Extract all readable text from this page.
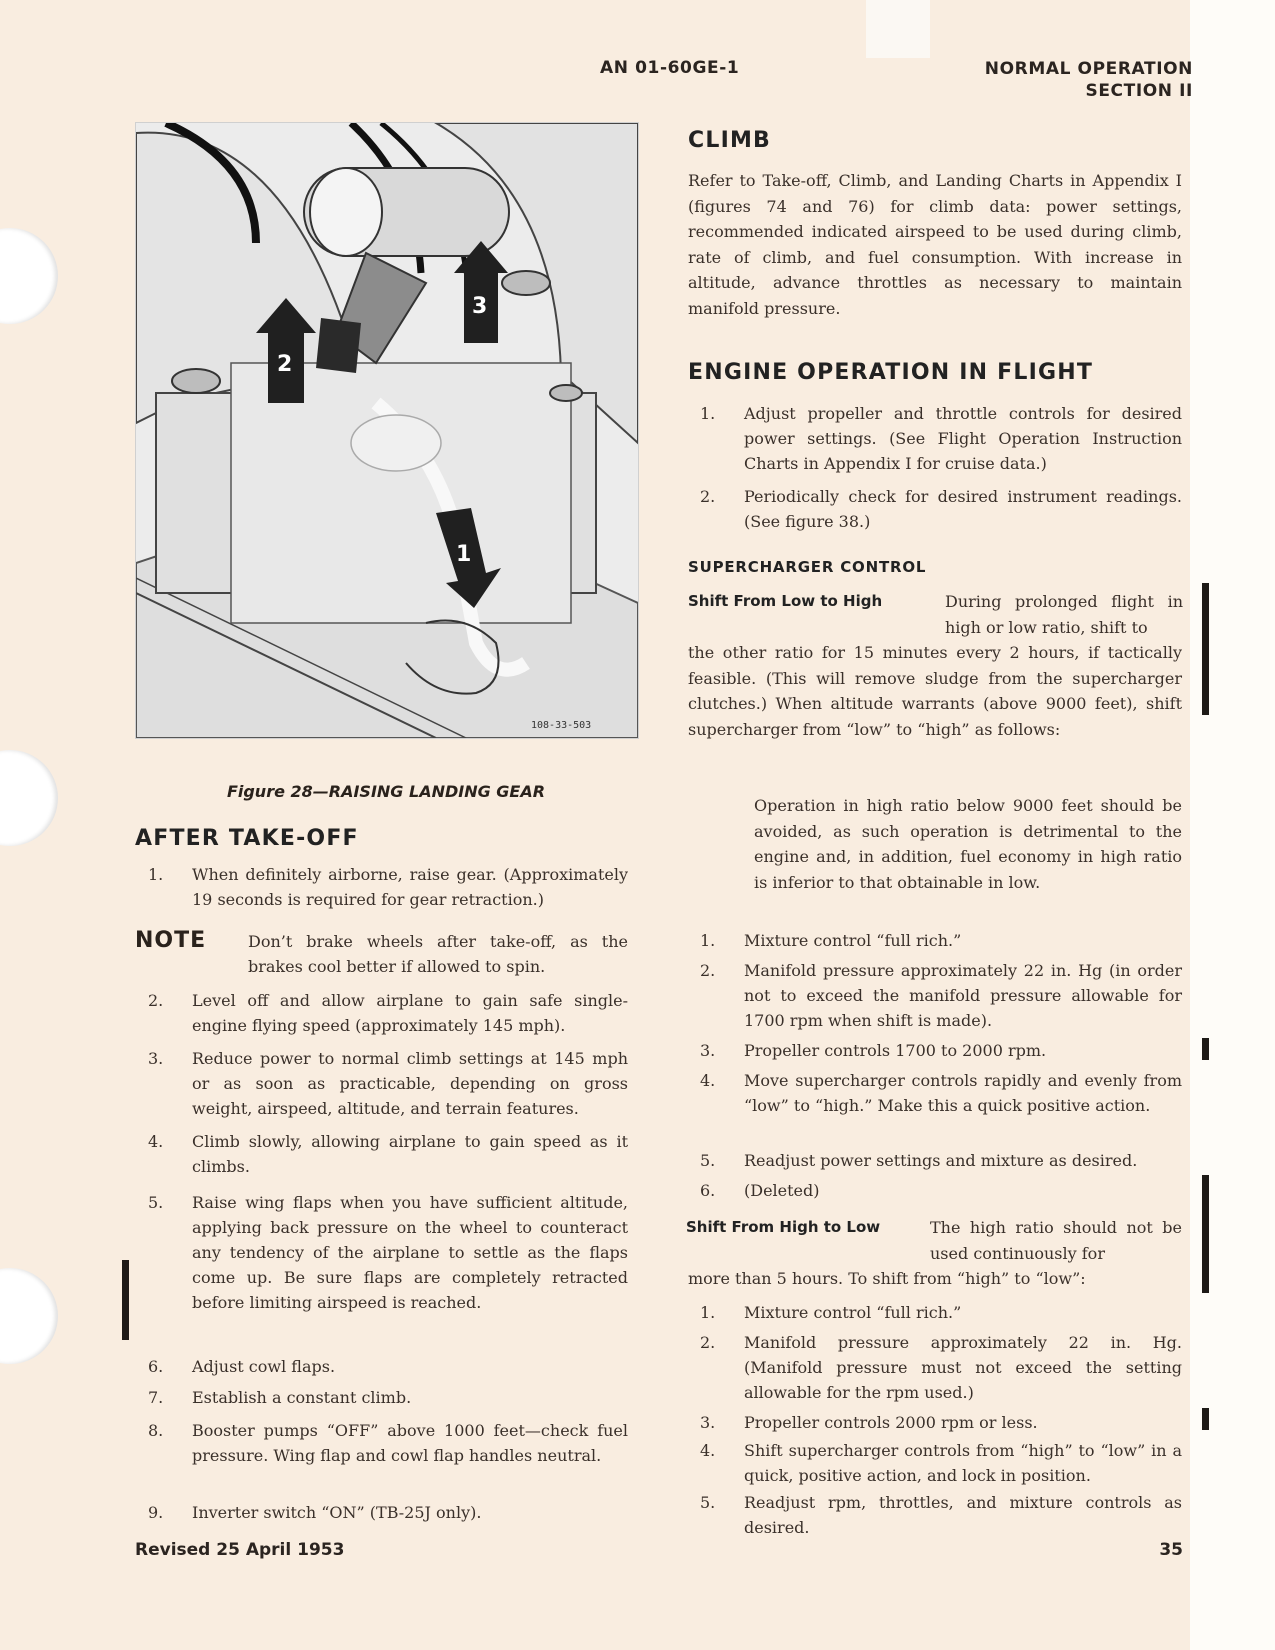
AN 01-60GE-1	NORMAL OPERATION
SECTION II
2
3
1
108-33-503
Figure 28—RAISING LANDING GEAR
AFTER TAKE-OFF
1. When definitely airborne, raise gear. (Approximately 19 seconds is required for gear retraction.)
NOTE	Don’t brake wheels after take-off, as the brakes cool better if allowed to spin.
2. Level off and allow airplane to gain safe single-engine flying speed (approximately 145 mph).
3. Reduce power to normal climb settings at 145 mph or as soon as practicable, depending on gross weight, airspeed, altitude, and terrain features.
4. Climb slowly, allowing airplane to gain speed as it climbs.
5. Raise wing flaps when you have sufficient altitude, applying back pressure on the wheel to counteract any tendency of the airplane to settle as the flaps come up. Be sure flaps are completely retracted before limiting airspeed is reached.
6. Adjust cowl flaps.
7. Establish a constant climb.
8. Booster pumps “OFF” above 1000 feet—check fuel pressure. Wing flap and cowl flap handles neutral.
9. Inverter switch “ON” (TB-25J only).
CLIMB
Refer to Take-off, Climb, and Landing Charts in Appendix I (figures 74 and 76) for climb data: power settings, recommended indicated airspeed to be used during climb, rate of climb, and fuel consumption. With increase in altitude, advance throttles as necessary to maintain manifold pressure.
ENGINE OPERATION IN FLIGHT
1. Adjust propeller and throttle controls for desired power settings. (See Flight Operation Instruction Charts in Appendix I for cruise data.)
2. Periodically check for desired instrument readings. (See figure 38.)
SUPERCHARGER CONTROL
Shift From Low to High	During prolonged flight in high or low ratio, shift to
the other ratio for 15 minutes every 2 hours, if tactically feasible. (This will remove sludge from the supercharger clutches.) When altitude warrants (above 9000 feet), shift supercharger from “low” to “high” as follows:
Operation in high ratio below 9000 feet should be avoided, as such operation is detrimental to the engine and, in addition, fuel economy in high ratio is inferior to that obtainable in low.
1. Mixture control “full rich.”
2. Manifold pressure approximately 22 in. Hg (in order not to exceed the manifold pressure allowable for 1700 rpm when shift is made).
3. Propeller controls 1700 to 2000 rpm.
4. Move supercharger controls rapidly and evenly from “low” to “high.” Make this a quick positive action.
5. Readjust power settings and mixture as desired.
6. (Deleted)
Shift From High to Low	The high ratio should not be used continuously for
more than 5 hours. To shift from “high” to “low”:
1. Mixture control “full rich.”
2. Manifold pressure approximately 22 in. Hg. (Manifold pressure must not exceed the setting allowable for the rpm used.)
3. Propeller controls 2000 rpm or less.
4. Shift supercharger controls from “high” to “low” in a quick, positive action, and lock in position.
5. Readjust rpm, throttles, and mixture controls as desired.
Revised 25 April 1953	35
